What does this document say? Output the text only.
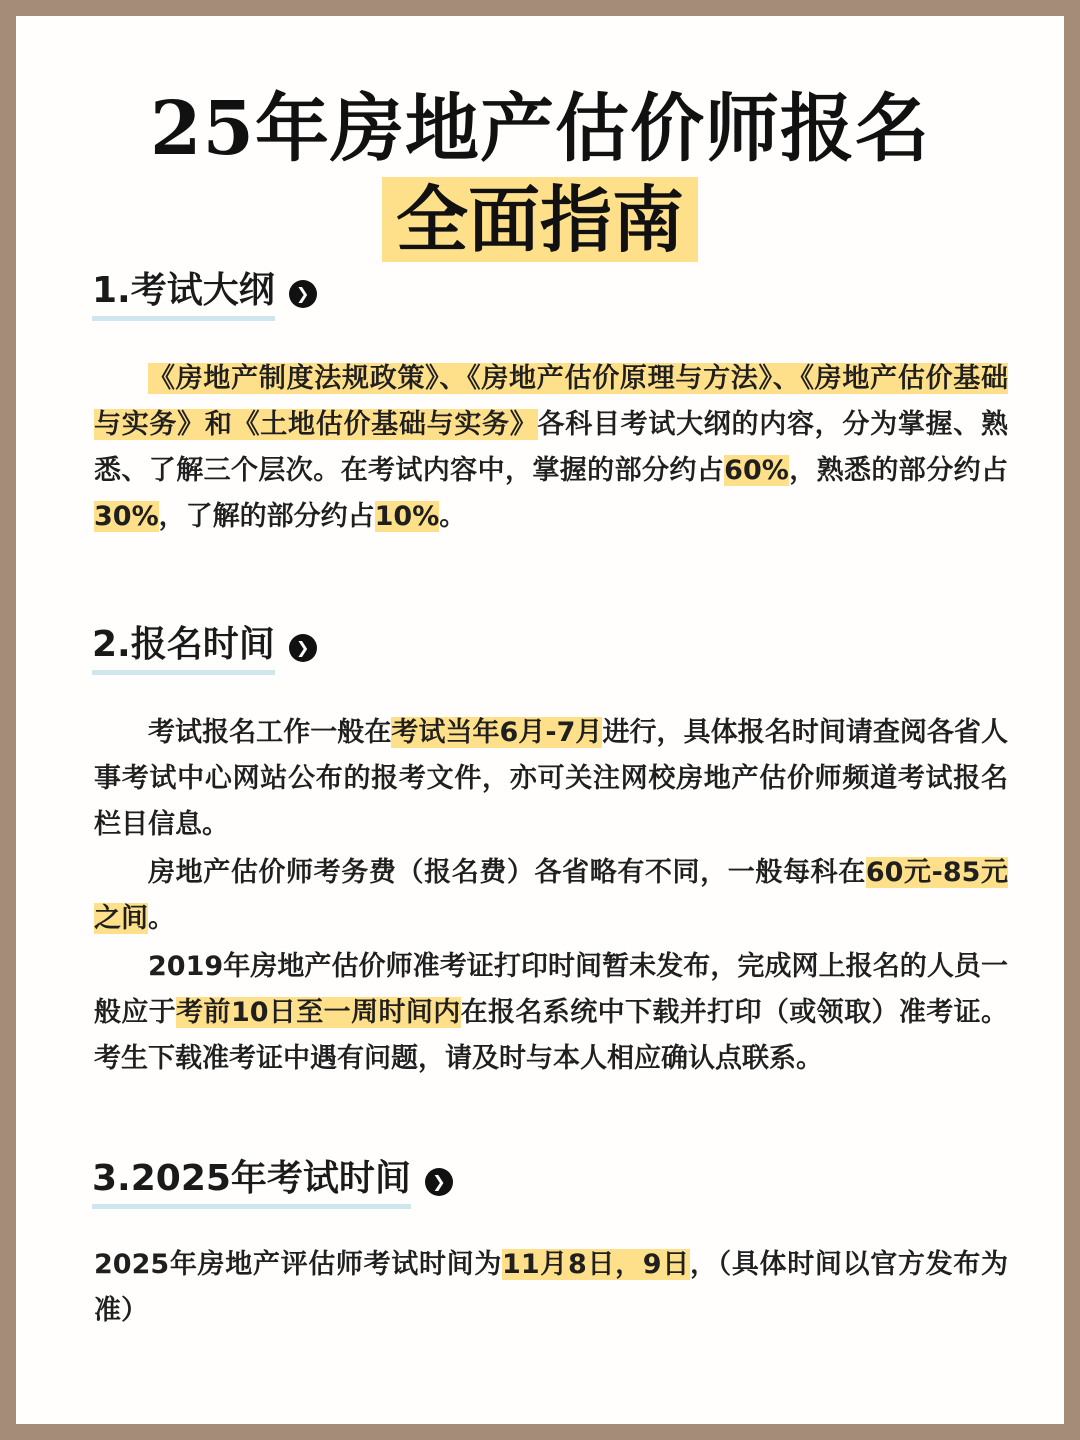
25年房地产估价师报名
全面指南
1.考试大纲 ❯
《房地产制度法规政策》、《房地产估价原理与方法》、《房地产估价基础与实务》和《土地估价基础与实务》各科目考试大纲的内容，分为掌握、熟悉、了解三个层次。在考试内容中，掌握的部分约占60%，熟悉的部分约占30%，了解的部分约占10%。
2.报名时间 ❯
考试报名工作一般在考试当年6月-7月进行，具体报名时间请查阅各省人事考试中心网站公布的报考文件，亦可关注网校房地产估价师频道考试报名栏目信息。
房地产估价师考务费（报名费）各省略有不同，一般每科在60元-85元之间。
2019年房地产估价师准考证打印时间暂未发布，完成网上报名的人员一般应于考前10日至一周时间内在报名系统中下载并打印（或领取）准考证。考生下载准考证中遇有问题，请及时与本人相应确认点联系。
3.2025年考试时间 ❯
2025年房地产评估师考试时间为11月8日，9日，（具体时间以官方发布为准）
